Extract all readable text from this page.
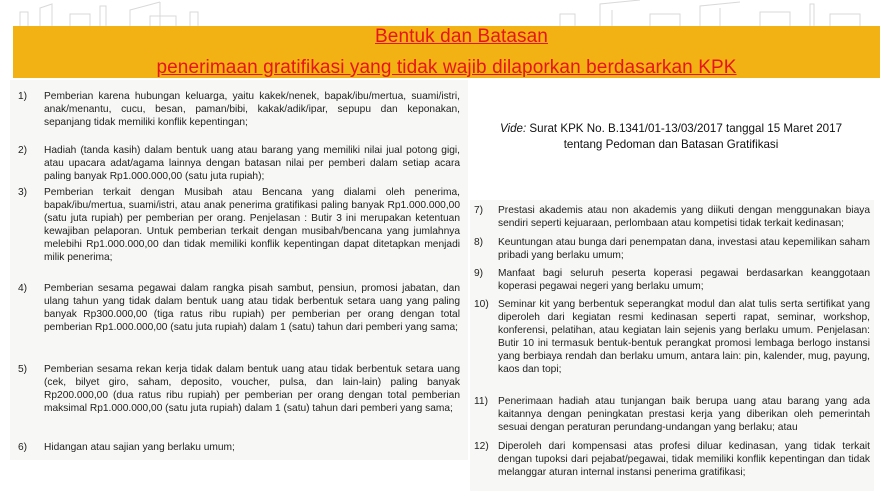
Bentuk dan Batasan
penerimaan gratifikasi yang tidak wajib dilaporkan berdasarkan KPK
1)	Pemberian karena hubungan keluarga, yaitu kakek/nenek, bapak/ibu/mertua, suami/istri, anak/menantu, cucu, besan, paman/bibi, kakak/adik/ipar, sepupu dan keponakan, sepanjang tidak memiliki konflik kepentingan;
2)	Hadiah (tanda kasih) dalam bentuk uang atau barang yang memiliki nilai jual potong gigi, atau upacara adat/agama lainnya dengan batasan nilai per pemberi dalam setiap acara paling banyak Rp1.000.000,00 (satu juta rupiah);
3)	Pemberian terkait dengan Musibah atau Bencana yang dialami oleh penerima, bapak/ibu/mertua, suami/istri, atau anak penerima gratifikasi paling banyak Rp1.000.000,00 (satu juta rupiah) per pemberian per orang. Penjelasan : Butir 3 ini merupakan ketentuan kewajiban pelaporan. Untuk pemberian terkait dengan musibah/bencana yang jumlahnya melebihi Rp1.000.000,00 dan tidak memiliki konflik kepentingan dapat ditetapkan menjadi milik penerima;
4)	Pemberian sesama pegawai dalam rangka pisah sambut, pensiun, promosi jabatan, dan ulang tahun yang tidak dalam bentuk uang atau tidak berbentuk setara uang yang paling banyak Rp300.000,00 (tiga ratus ribu rupiah) per pemberian per orang dengan total pemberian Rp1.000.000,00 (satu juta rupiah) dalam 1 (satu) tahun dari pemberi yang sama;
5)	Pemberian sesama rekan kerja tidak dalam bentuk uang atau tidak berbentuk setara uang (cek, bilyet giro, saham, deposito, voucher, pulsa, dan lain-lain) paling banyak Rp200.000,00 (dua ratus ribu rupiah) per pemberian per orang dengan total pemberian maksimal Rp1.000.000,00 (satu juta rupiah) dalam 1 (satu) tahun dari pemberi yang sama;
6)	Hidangan atau sajian yang berlaku umum;
Vide: Surat KPK No. B.1341/01-13/03/2017 tanggal 15 Maret 2017 tentang Pedoman dan Batasan Gratifikasi
7)	Prestasi akademis atau non akademis yang diikuti dengan menggunakan biaya sendiri seperti kejuaraan, perlombaan atau kompetisi tidak terkait kedinasan;
8)	Keuntungan atau bunga dari penempatan dana, investasi atau kepemilikan saham pribadi yang berlaku umum;
9)	Manfaat bagi seluruh peserta koperasi pegawai berdasarkan keanggotaan koperasi pegawai negeri yang berlaku umum;
10) Seminar kit yang berbentuk seperangkat modul dan alat tulis serta sertifikat yang diperoleh dari kegiatan resmi kedinasan seperti rapat, seminar, workshop, konferensi, pelatihan, atau kegiatan lain sejenis yang berlaku umum. Penjelasan: Butir 10 ini termasuk bentuk-bentuk perangkat promosi lembaga berlogo instansi yang berbiaya rendah dan berlaku umum, antara lain: pin, kalender, mug, payung, kaos dan topi;
11) Penerimaan hadiah atau tunjangan baik berupa uang atau barang yang ada kaitannya dengan peningkatan prestasi kerja yang diberikan oleh pemerintah sesuai dengan peraturan perundang-undangan yang berlaku; atau
12) Diperoleh dari kompensasi atas profesi diluar kedinasan, yang tidak terkait dengan tupoksi dari pejabat/pegawai, tidak memiliki konflik kepentingan dan tidak melanggar aturan internal instansi penerima gratifikasi;
